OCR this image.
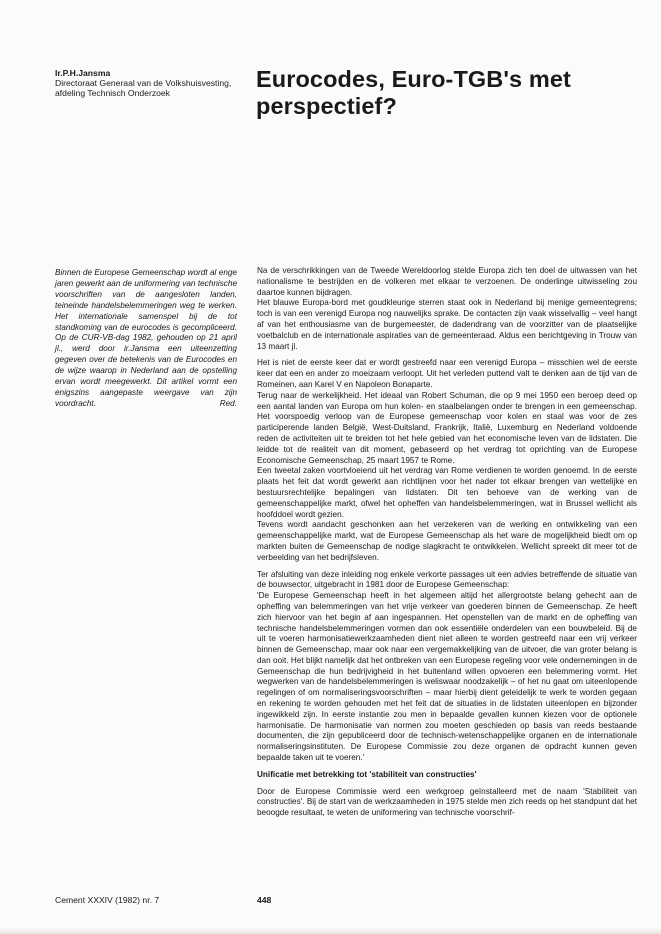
Ir.P.H.Jansma
Directoraat Generaal van de Volkshuisvesting, afdeling Technisch Onderzoek
Eurocodes, Euro-TGB's met perspectief?
Binnen de Europese Gemeenschap wordt al enge jaren gewerkt aan de uniformering van technische voorschriften van de aangesloten landen, teineinde handelsbelemmeringen weg te werken. Het internationale samenspel bij de tot standkoming van de eurocodes is gecompliceerd. Op de CUR-VB-dag 1982, gehouden op 21 april jl., werd door ir.Jansma een uiteenzetting gegeven over de betekenis van de Eurocodes en de wijze waarop in Nederland aan de opstelling ervan wordt meegewerkt. Dit artikel vormt een enigszins aangepaste weergave van zijn voordracht.	Red.

Na de verschrikkingen van de Tweede Wereldoorlog stelde Europa zich ten doel de uitwassen van het nationalisme te bestrijden en de volkeren met elkaar te verzoenen. De onderlinge uitwisseling zou daartoe kunnen bijdragen.
Het blauwe Europa-bord met goudkleurige sterren staat ook in Nederland bij menige gemeentegrens; toch is van een verenigd Europa nog nauwelijks sprake. De contacten zijn vaak wisselvallig – veel hangt af van het enthousiasme van de burgemeester, de dadendrang van de voorzitter van de plaatselijke voetbalclub en de internationale aspiraties van de gemeenteraad. Aldus een berichtgeving in Trouw van 13 maart jl.

Het is niet de eerste keer dat er wordt gestreefd naar een verenigd Europa – misschien wel de eerste keer dat een en ander zo moeizaam verloopt. Uit het verleden puttend valt te denken aan de tijd van de Romeinen, aan Karel V en Napoleon Bonaparte.
Terug naar de werkelijkheid. Het ideaal van Robert Schuman, die op 9 mei 1950 een beroep deed op een aantal landen van Europa om hun kolen- en staalbelangen onder te brengen in een gemeenschap. Het voorspoedig verloop van de Europese gemeenschap voor kolen en staal was voor de zes participerende landen België, West-Duitsland, Frankrijk, Italië, Luxemburg en Nederland voldoende reden de activiteiten uit te breiden tot het hele gebied van het economische leven van de lidstaten. Die leidde tot de realiteit van dit moment, gebaseerd op het verdrag tot oprichting van de Europese Economische Gemeenschap, 25 maart 1957 te Rome.
Een tweetal zaken voortvloeiend uit het verdrag van Rome verdienen te worden genoemd. In de eerste plaats het feit dat wordt gewerkt aan richtlijnen voor het nader tot elkaar brengen van wettelijke en bestuursrechtelijke bepalingen van lidstaten. Dit ten behoeve van de werking van de gemeenschappelijke markt, ofwel het opheffen van handelsbelemmeringen, wat in Brussel wellicht als hoofddoel wordt gezien.
Tevens wordt aandacht geschonken aan het verzekeren van de werking en ontwikkeling van een gemeenschappelijke markt, wat de Europese Gemeenschap als het ware de mogelijkheid biedt om op markten buiten de Gemeenschap de nodige slagkracht te ontwikkelen. Wellicht spreekt dit meer tot de verbeelding van het bedrijfsleven.

Ter afsluiting van deze inleiding nog enkele verkorte passages uit een advies betreffende de situatie van de bouwsector, uitgebracht in 1981 door de Europese Gemeenschap:
'De Europese Gemeenschap heeft in het algemeen altijd het allergrootste belang gehecht aan de opheffing van belemmeringen van het vrije verkeer van goederen binnen de Gemeenschap. Ze heeft zich hiervoor van het begin af aan ingespannen. Het openstellen van de markt en de opheffing van technische handelsbelemmeringen vormen dan ook essentiële onderdelen van een bouwbeleid. Bij de uit te voeren harmonisatiewerkzaamheden dient niet alleen te worden gestreefd naar een vrij verkeer binnen de Gemeenschap, maar ook naar een vergemakkelijking van de uitvoer, die van groter belang is dan ooit. Het blijkt namelijk dat het ontbreken van een Europese regeling voor vele ondernemingen in de Gemeenschap die hun bedrijvigheid in het buitenland willen opvoeren een belemmering vormt. Het wegwerken van de handelsbelemmeringen is weliswaar noodzakelijk – of het nu gaat om uiteenlopende regelingen of om normaliseringsvoorschriften – maar hierbij dient geleidelijk te werk te worden gegaan en rekening te worden gehouden met het feit dat de situaties in de lidstaten uiteenlopen en bijzonder ingewikkeld zijn. In eerste instantie zou men in bepaalde gevallen kunnen kiezen voor de optionele harmonisatie. De harmonisatie van normen zou moeten geschieden op basis van reeds bestaande documenten, die zijn gepubliceerd door de technisch-wetenschappelijke organen en de internationale normaliseringsinstituten. De Europese Commissie zou deze organen de opdracht kunnen geven bepaalde taken uit te voeren.'

Unificatie met betrekking tot 'stabiliteit van constructies'

Door de Europese Commissie werd een werkgroep geïnstalleerd met de naam 'Stabiliteit van constructies'. Bij de start van de werkzaamheden in 1975 stelde men zich reeds op het standpunt dat het beoogde resultaat, te weten de uniformering van technische voorschrif-

Cement XXXIV (1982) nr. 7	448
